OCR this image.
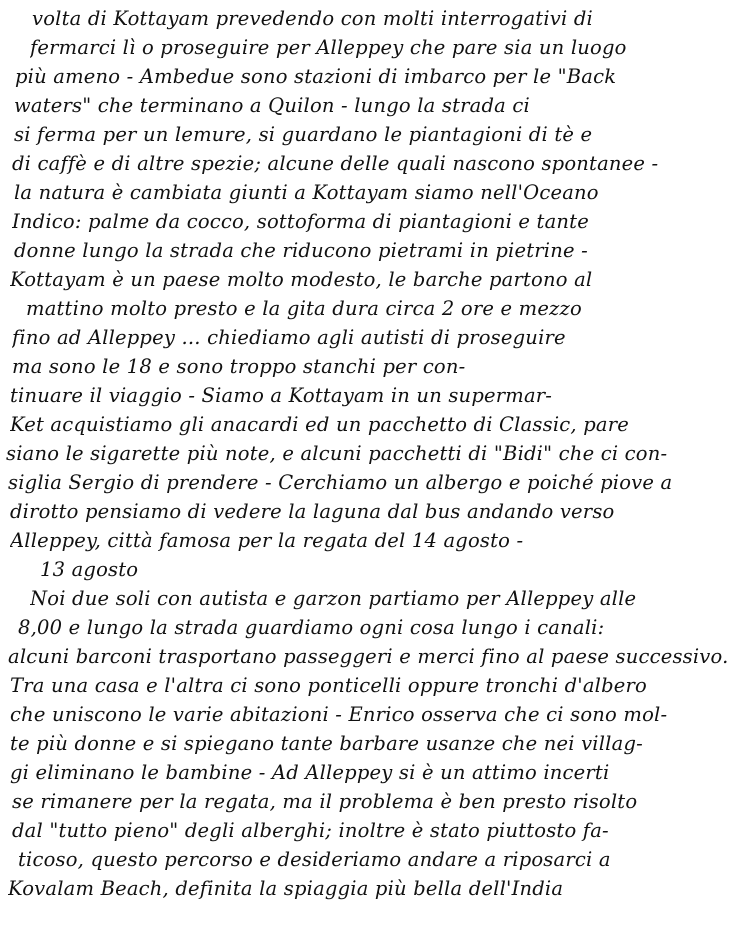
volta di Kottayam prevedendo con molti interrogativi di
fermarci lì o proseguire per Alleppey che pare sia un luogo
più ameno - Ambedue sono stazioni di imbarco per le "Back
waters" che terminano a Quilon - lungo la strada ci
si ferma per un lemure, si guardano le piantagioni di tè e
di caffè e di altre spezie; alcune delle quali nascono spontanee -
la natura è cambiata giunti a Kottayam siamo nell'Oceano
Indico: palme da cocco, sottoforma di piantagioni e tante
donne lungo la strada che riducono pietrami in pietrine -
Kottayam è un paese molto modesto, le barche partono al
mattino molto presto e la gita dura circa 2 ore e mezzo
fino ad Alleppey ... chiediamo agli autisti di proseguire
ma sono le 18 e sono troppo stanchi per con-
tinuare il viaggio - Siamo a Kottayam in un supermar-
Ket acquistiamo gli anacardi ed un pacchetto di Classic, pare
siano le sigarette più note, e alcuni pacchetti di "Bidi" che ci con-
siglia Sergio di prendere - Cerchiamo un albergo e poiché piove a
dirotto pensiamo di vedere la laguna dal bus andando verso
Alleppey, città famosa per la regata del 14 agosto -
13 agosto
Noi due soli con autista e garzon partiamo per Alleppey alle
8,00 e lungo la strada guardiamo ogni cosa lungo i canali:
alcuni barconi trasportano passeggeri e merci fino al paese successivo.
Tra una casa e l'altra ci sono ponticelli oppure tronchi d'albero
che uniscono le varie abitazioni - Enrico osserva che ci sono mol-
te più donne e si spiegano tante barbare usanze che nei villag-
gi eliminano le bambine - Ad Alleppey si è un attimo incerti
se rimanere per la regata, ma il problema è ben presto risolto
dal "tutto pieno" degli alberghi; inoltre è stato piuttosto fa-
ticoso, questo percorso e desideriamo andare a riposarci a
Kovalam Beach, definita la spiaggia più bella dell'India
